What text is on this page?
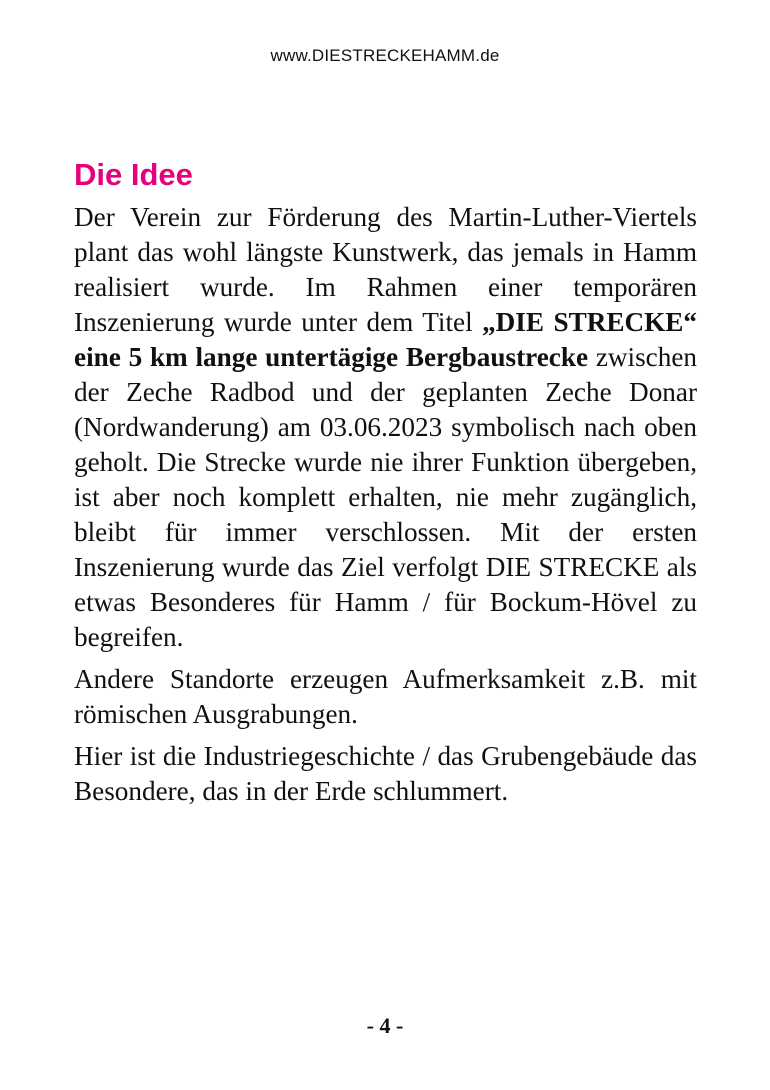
www.DIESTRECKEHAMM.de
Die Idee

Der Verein zur Förderung des Martin-Luther-Viertels plant das wohl längste Kunstwerk, das jemals in Hamm realisiert wurde. Im Rahmen einer temporären Inszenierung wurde unter dem Titel „DIE STRECKE“ eine 5 km lange untertägige Bergbaustrecke zwischen der Zeche Radbod und der geplanten Zeche Donar (Nordwanderung) am 03.06.2023 symbolisch nach oben geholt. Die Strecke wurde nie ihrer Funktion übergeben, ist aber noch komplett erhalten, nie mehr zugänglich, bleibt für immer verschlossen. Mit der ersten Inszenierung wurde das Ziel verfolgt DIE STRECKE als etwas Besonderes für Hamm / für Bockum-Hövel zu begreifen.

Andere Standorte erzeugen Aufmerksamkeit z.B. mit römischen Ausgrabungen.

Hier ist die Industriegeschichte / das Grubengebäude das Besondere, das in der Erde schlummert.

- 4 -
